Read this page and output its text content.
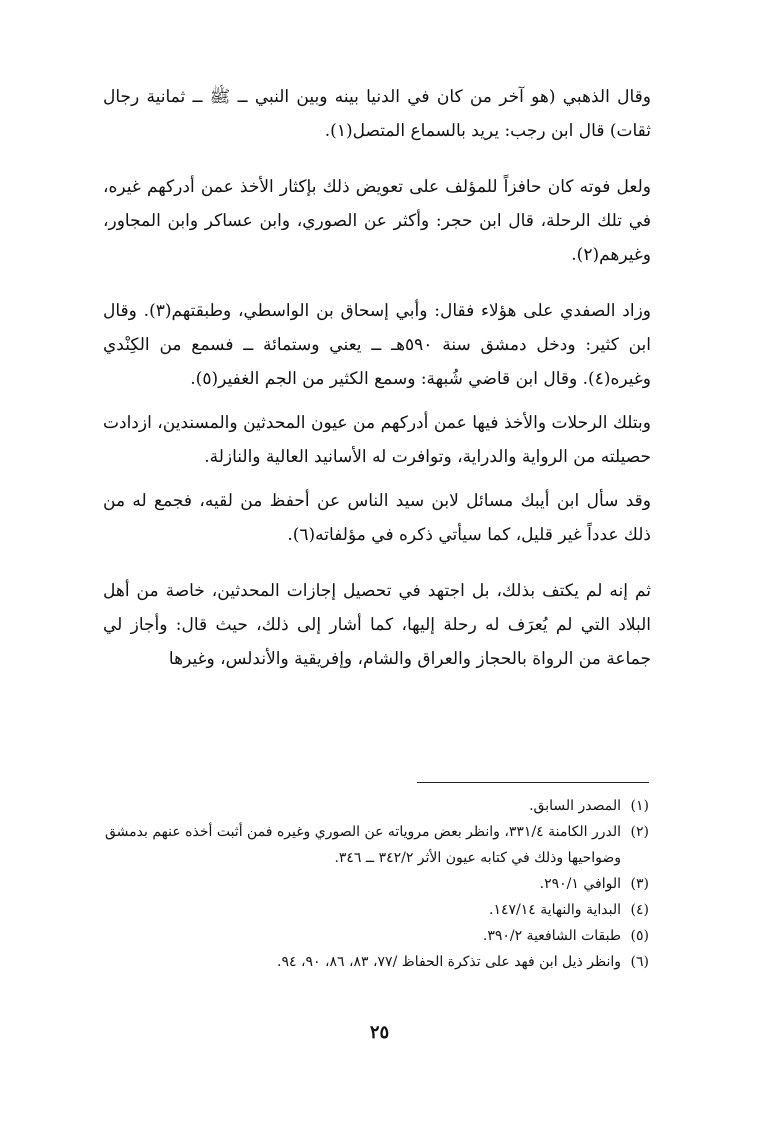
وقال الذهبي (هو آخر من كان في الدنيا بينه وبين النبي ــ ﷺ ــ ثمانية رجال ثقات) قال ابن رجب: يريد بالسماع المتصل(١).

ولعل فوته كان حافزاً للمؤلف على تعويض ذلك بإكثار الأخذ عمن أدركهم غيره، في تلك الرحلة، قال ابن حجر: وأكثر عن الصوري، وابن عساكر وابن المجاور، وغيرهم(٢).

وزاد الصفدي على هؤلاء فقال: وأبي إسحاق بن الواسطي، وطبقتهم(٣). وقال ابن كثير: ودخل دمشق سنة ٥٩٠هـ ــ يعني وستمائة ــ فسمع من الكِنْدي وغيره(٤). وقال ابن قاضي شُبهة: وسمع الكثير من الجم الغفير(٥).

وبتلك الرحلات والأخذ فيها عمن أدركهم من عيون المحدثين والمسندين، ازدادت حصيلته من الرواية والدراية، وتوافرت له الأسانيد العالية والنازلة.

وقد سأل ابن أيبك مسائل لابن سيد الناس عن أحفظ من لقيه، فجمع له من ذلك عدداً غير قليل، كما سيأتي ذكره في مؤلفاته(٦).

ثم إنه لم يكتف بذلك، بل اجتهد في تحصيل إجازات المحدثين، خاصة من أهل البلاد التي لم يُعرَف له رحلة إليها، كما أشار إلى ذلك، حيث قال: وأجاز لي جماعة من الرواة بالحجاز والعراق والشام، وإفريقية والأندلس، وغيرها

(١)
المصدر السابق.
(٢)
الدرر الكامنة ٣٣١/٤، وانظر بعض مروياته عن الصوري وغيره فمن أثبت أخذه عنهم بدمشق وضواحيها وذلك في كتابه عيون الأثر ٣٤٢/٢ ــ ٣٤٦.
(٣)
الوافي ٢٩٠/١.
(٤)
البداية والنهاية ١٤٧/١٤.
(٥)
طبقات الشافعية ٣٩٠/٢.
(٦)
وانظر ذيل ابن فهد على تذكرة الحفاظ /٧٧، ٨٣، ٨٦، ٩٠، ٩٤.
٢٥
